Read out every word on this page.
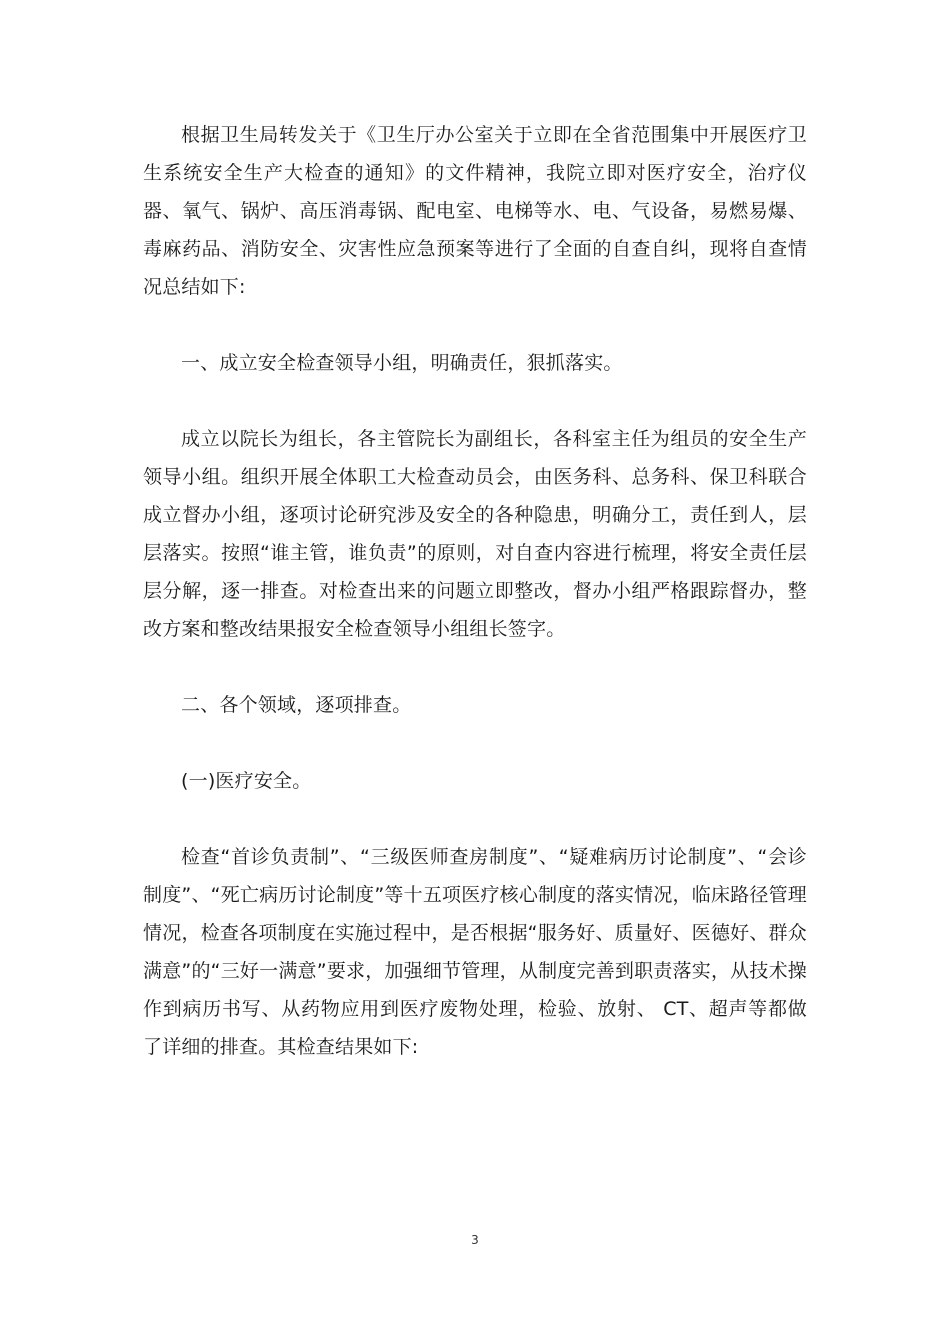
根据卫生局转发关于《卫生厅办公室关于立即在全省范围集中开展医疗卫生系统安全生产大检查的通知》的文件精神，我院立即对医疗安全，治疗仪器、氧气、锅炉、高压消毒锅、配电室、电梯等水、电、气设备，易燃易爆、毒麻药品、消防安全、灾害性应急预案等进行了全面的自查自纠，现将自查情况总结如下:

一、成立安全检查领导小组，明确责任，狠抓落实。

成立以院长为组长，各主管院长为副组长，各科室主任为组员的安全生产领导小组。组织开展全体职工大检查动员会，由医务科、总务科、保卫科联合成立督办小组，逐项讨论研究涉及安全的各种隐患，明确分工，责任到人，层层落实。按照“谁主管，谁负责”的原则，对自查内容进行梳理，将安全责任层层分解，逐一排查。对检查出来的问题立即整改，督办小组严格跟踪督办，整改方案和整改结果报安全检查领导小组组长签字。

二、各个领域，逐项排查。

(一)医疗安全。

检查“首诊负责制”、“三级医师查房制度”、“疑难病历讨论制度”、“会诊制度”、“死亡病历讨论制度”等十五项医疗核心制度的落实情况，临床路径管理情况，检查各项制度在实施过程中，是否根据“服务好、质量好、医德好、群众满意”的“三好一满意”要求，加强细节管理，从制度完善到职责落实，从技术操作到病历书写、从药物应用到医疗废物处理，检验、放射、 CT、超声等都做了详细的排查。其检查结果如下:

3
